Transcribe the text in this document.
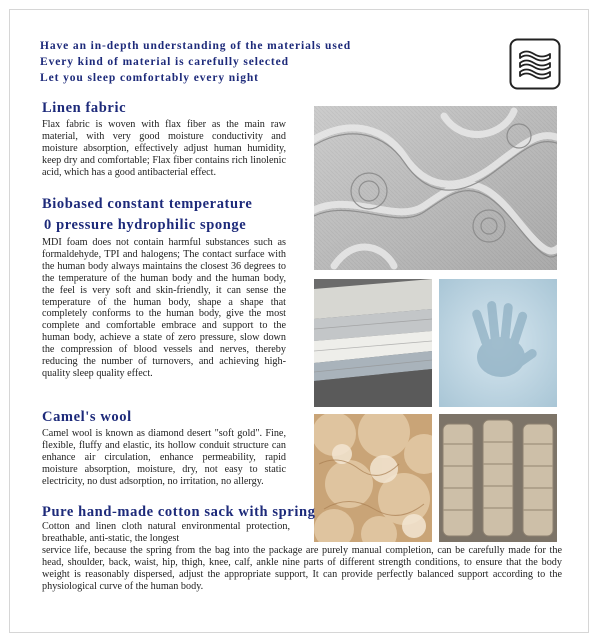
Have an in-depth understanding of the materials used
Every kind of material is carefully selected
Let you sleep comfortably every night
Linen fabric

Flax fabric is woven with flax fiber as the main raw material, with very good moisture conductivity and moisture absorption, effectively adjust human humidity, keep dry and comfortable; Flax fiber contains rich linolenic acid, which has a good antibacterial effect.

Biobased constant temperature
0 pressure hydrophilic sponge

MDI foam does not contain harmful substances such as formaldehyde, TPI and halogens; The contact surface with the human body always maintains the closest 36 degrees to the temperature of the human body and the human body, the feel is very soft and skin-friendly, it can sense the temperature of the human body, shape a shape that completely conforms to the human body, give the most complete and comfortable embrace and support to the human body, achieve a state of zero pressure, slow down the compression of blood vessels and nerves, thereby reducing the number of turnovers, and achieving high-quality sleep quality effect.

Camel's wool

Camel wool is known as diamond desert "soft gold". Fine, flexible, fluffy and elastic, its hollow conduit structure can enhance air circulation, enhance permeability, rapid moisture absorption, moisture, dry, not easy to static electricity, no dust adsorption, no irritation, no allergy.

Pure hand-made cotton sack with spring

Cotton and linen cloth natural environmental protection, breathable, anti-static, the longest

service life, because the spring from the bag into the package are purely manual completion, can be carefully made for the head, shoulder, back, waist, hip, thigh, knee, calf, ankle nine parts of different strength conditions, to ensure that the body weight is reasonably dispersed, adjust the appropriate support, It can provide perfectly balanced support according to the physiological curve of the human body.
